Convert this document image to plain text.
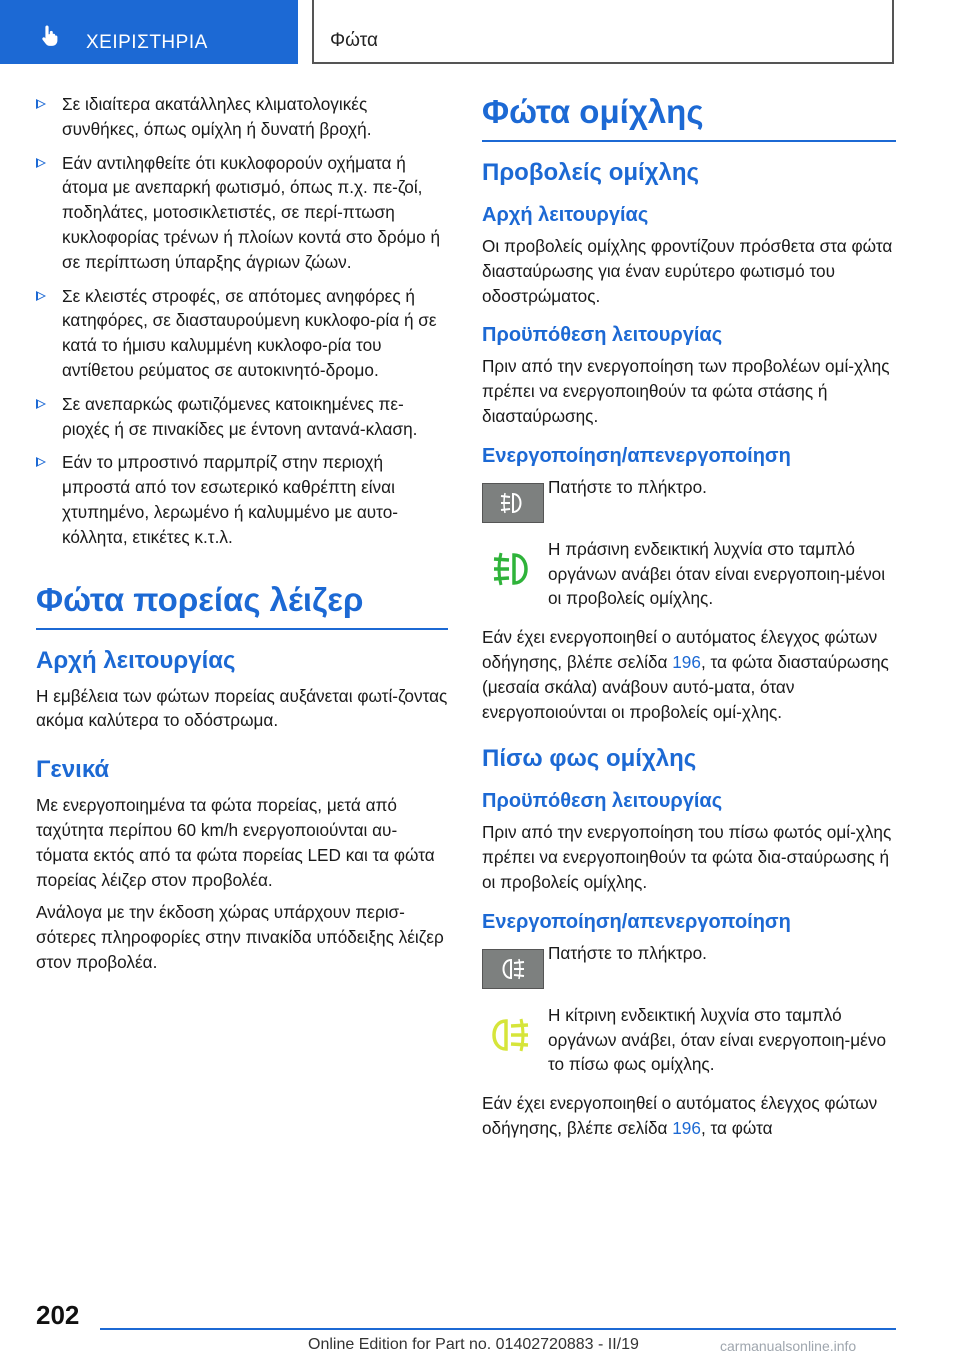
ΧΕΙΡΙΣΤΗΡΙΑ	Φώτα
Σε ιδιαίτερα ακατάλληλες κλιματολογικές συνθήκες, όπως ομίχλη ή δυνατή βροχή.
Εάν αντιληφθείτε ότι κυκλοφορούν οχήματα ή άτομα με ανεπαρκή φωτισμό, όπως π.χ. πε-ζοί, ποδηλάτες, μοτοσικλετιστές, σε περί-πτωση κυκλοφορίας τρένων ή πλοίων κοντά στο δρόμο ή σε περίπτωση ύπαρξης άγριων ζώων.
Σε κλειστές στροφές, σε απότομες ανηφόρες ή κατηφόρες, σε διασταυρούμενη κυκλοφο-ρία ή σε κατά το ήμισυ καλυμμένη κυκλοφο-ρία του αντίθετου ρεύματος σε αυτοκινητό-δρομο.
Σε ανεπαρκώς φωτιζόμενες κατοικημένες πε-ριοχές ή σε πινακίδες με έντονη αντανά-κλαση.
Εάν το μπροστινό παρμπρίζ στην περιοχή μπροστά από τον εσωτερικό καθρέπτη είναι χτυπημένο, λερωμένο ή καλυμμένο με αυτο-κόλλητα, ετικέτες κ.τ.λ.
Φώτα πορείας λέιζερ
Αρχή λειτουργίας
Η εμβέλεια των φώτων πορείας αυξάνεται φωτί-ζοντας ακόμα καλύτερα το οδόστρωμα.
Γενικά
Με ενεργοποιημένα τα φώτα πορείας, μετά από ταχύτητα περίπου 60 km/h ενεργοποιούνται αυ-τόματα εκτός από τα φώτα πορείας LED και τα φώτα πορείας λέιζερ στον προβολέα.
Ανάλογα με την έκδοση χώρας υπάρχουν περισ-σότερες πληροφορίες στην πινακίδα υπόδειξης λέιζερ στον προβολέα.
Φώτα ομίχλης
Προβολείς ομίχλης
Αρχή λειτουργίας
Οι προβολείς ομίχλης φροντίζουν πρόσθετα στα φώτα διασταύρωσης για έναν ευρύτερο φωτισμό του οδοστρώματος.
Προϋπόθεση λειτουργίας
Πριν από την ενεργοποίηση των προβολέων ομί-χλης πρέπει να ενεργοποιηθούν τα φώτα στάσης ή διασταύρωσης.
Ενεργοποίηση/απενεργοποίηση
Πατήστε το πλήκτρο.
Η πράσινη ενδεικτική λυχνία στο ταμπλό οργάνων ανάβει όταν είναι ενεργοποιη-μένοι οι προβολείς ομίχλης.
Εάν έχει ενεργοποιηθεί ο αυτόματος έλεγχος φώτων οδήγησης, βλέπε σελίδα 196, τα φώτα διασταύρωσης (μεσαία σκάλα) ανάβουν αυτό-ματα, όταν ενεργοποιούνται οι προβολείς ομί-χλης.
Πίσω φως ομίχλης
Προϋπόθεση λειτουργίας
Πριν από την ενεργοποίηση του πίσω φωτός ομί-χλης πρέπει να ενεργοποιηθούν τα φώτα δια-σταύρωσης ή οι προβολείς ομίχλης.
Ενεργοποίηση/απενεργοποίηση
Πατήστε το πλήκτρο.
Η κίτρινη ενδεικτική λυχνία στο ταμπλό οργάνων ανάβει, όταν είναι ενεργοποιη-μένο το πίσω φως ομίχλης.
Εάν έχει ενεργοποιηθεί ο αυτόματος έλεγχος φώτων οδήγησης, βλέπε σελίδα 196, τα φώτα
202
Online Edition for Part no. 01402720883 - II/19	carmanualsonline.info
